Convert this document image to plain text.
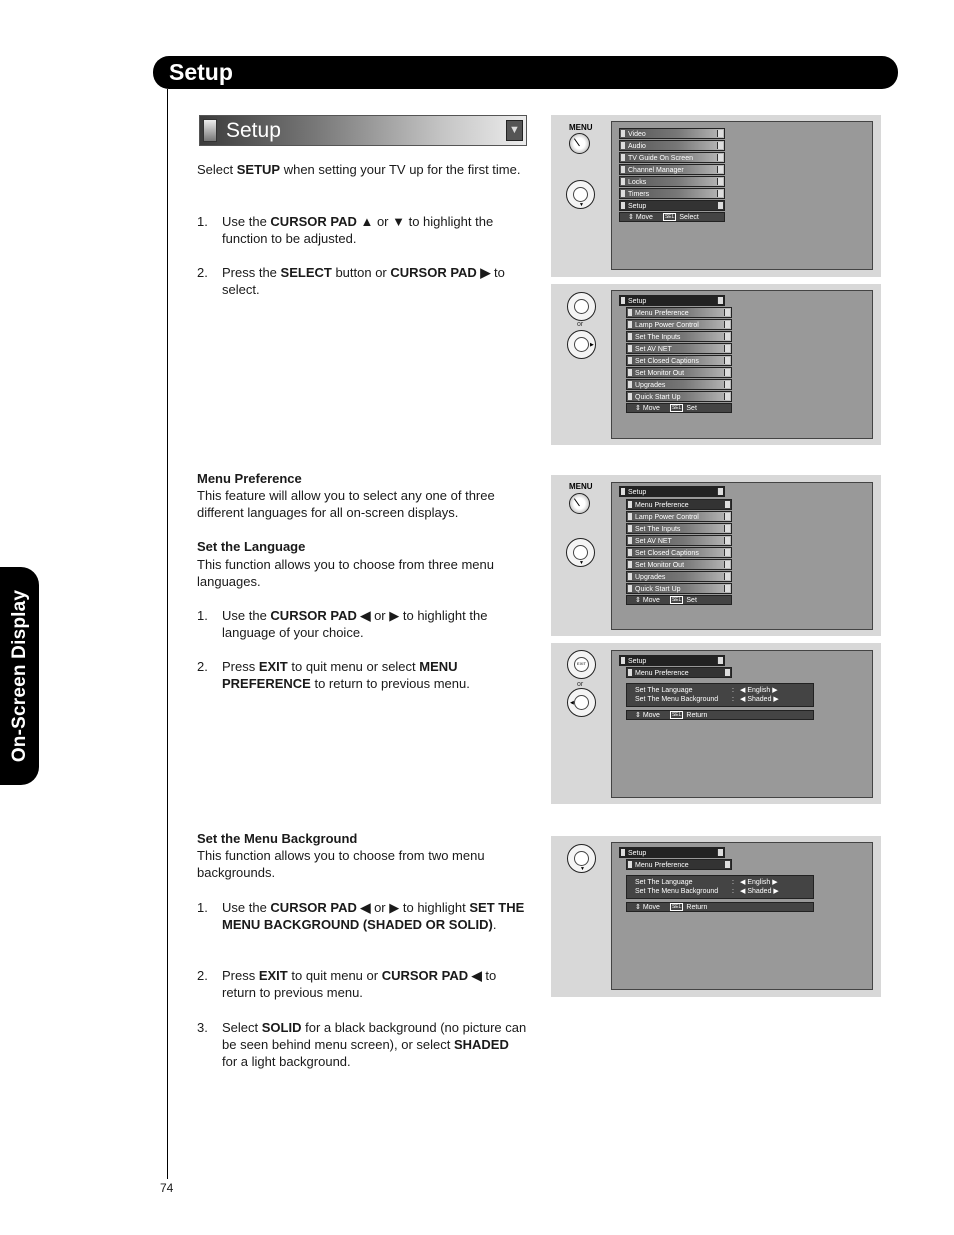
Setup
On-Screen Display
74
Setup	▼
Select SETUP when setting your TV up for the first time.
1. Use the CURSOR PAD ▲ or ▼ to highlight the function to be adjusted.
2. Press the SELECT button or CURSOR PAD ▶ to select.
Menu Preference
This feature will allow you to select any one of three different languages for all on-screen displays.
Set the Language
This function allows you to choose from three menu languages.
1. Use the CURSOR PAD ◀ or ▶ to highlight the language of your choice.
2. Press EXIT to quit menu or select MENU PREFERENCE to return to previous menu.
Set the Menu Background
This function allows you to choose from two menu backgrounds.
1. Use the CURSOR PAD ◀ or ▶ to highlight SET THE MENU BACKGROUND (SHADED OR SOLID).
2. Press EXIT to quit menu or CURSOR PAD ◀ to return to previous menu.
3. Select SOLID for a black background (no picture can be seen behind menu screen), or select SHADED for a light background.
MENU
▼
Video
Audio
TV Guide On Screen
Channel Manager
Locks
Timers
Setup
⇕ Move SEL Select
or
▶
Setup
Menu Preference
Lamp Power Control
Set The Inputs
Set AV NET
Set Closed Captions
Set Monitor Out
Upgrades
Quick Start Up
⇕ Move SEL Set
MENU
▼
Setup
Menu Preference
Lamp Power Control
Set The Inputs
Set AV NET
Set Closed Captions
Set Monitor Out
Upgrades
Quick Start Up
⇕ Move SEL Set
EXIT
or
◀
Setup
Menu Preference
Set The Language	: ◀ English ▶
Set The Menu Background	: ◀ Shaded ▶
⇕ Move SEL Return
▼
Setup
Menu Preference
Set The Language	: ◀ English ▶
Set The Menu Background	: ◀ Shaded ▶
⇕ Move SEL Return
